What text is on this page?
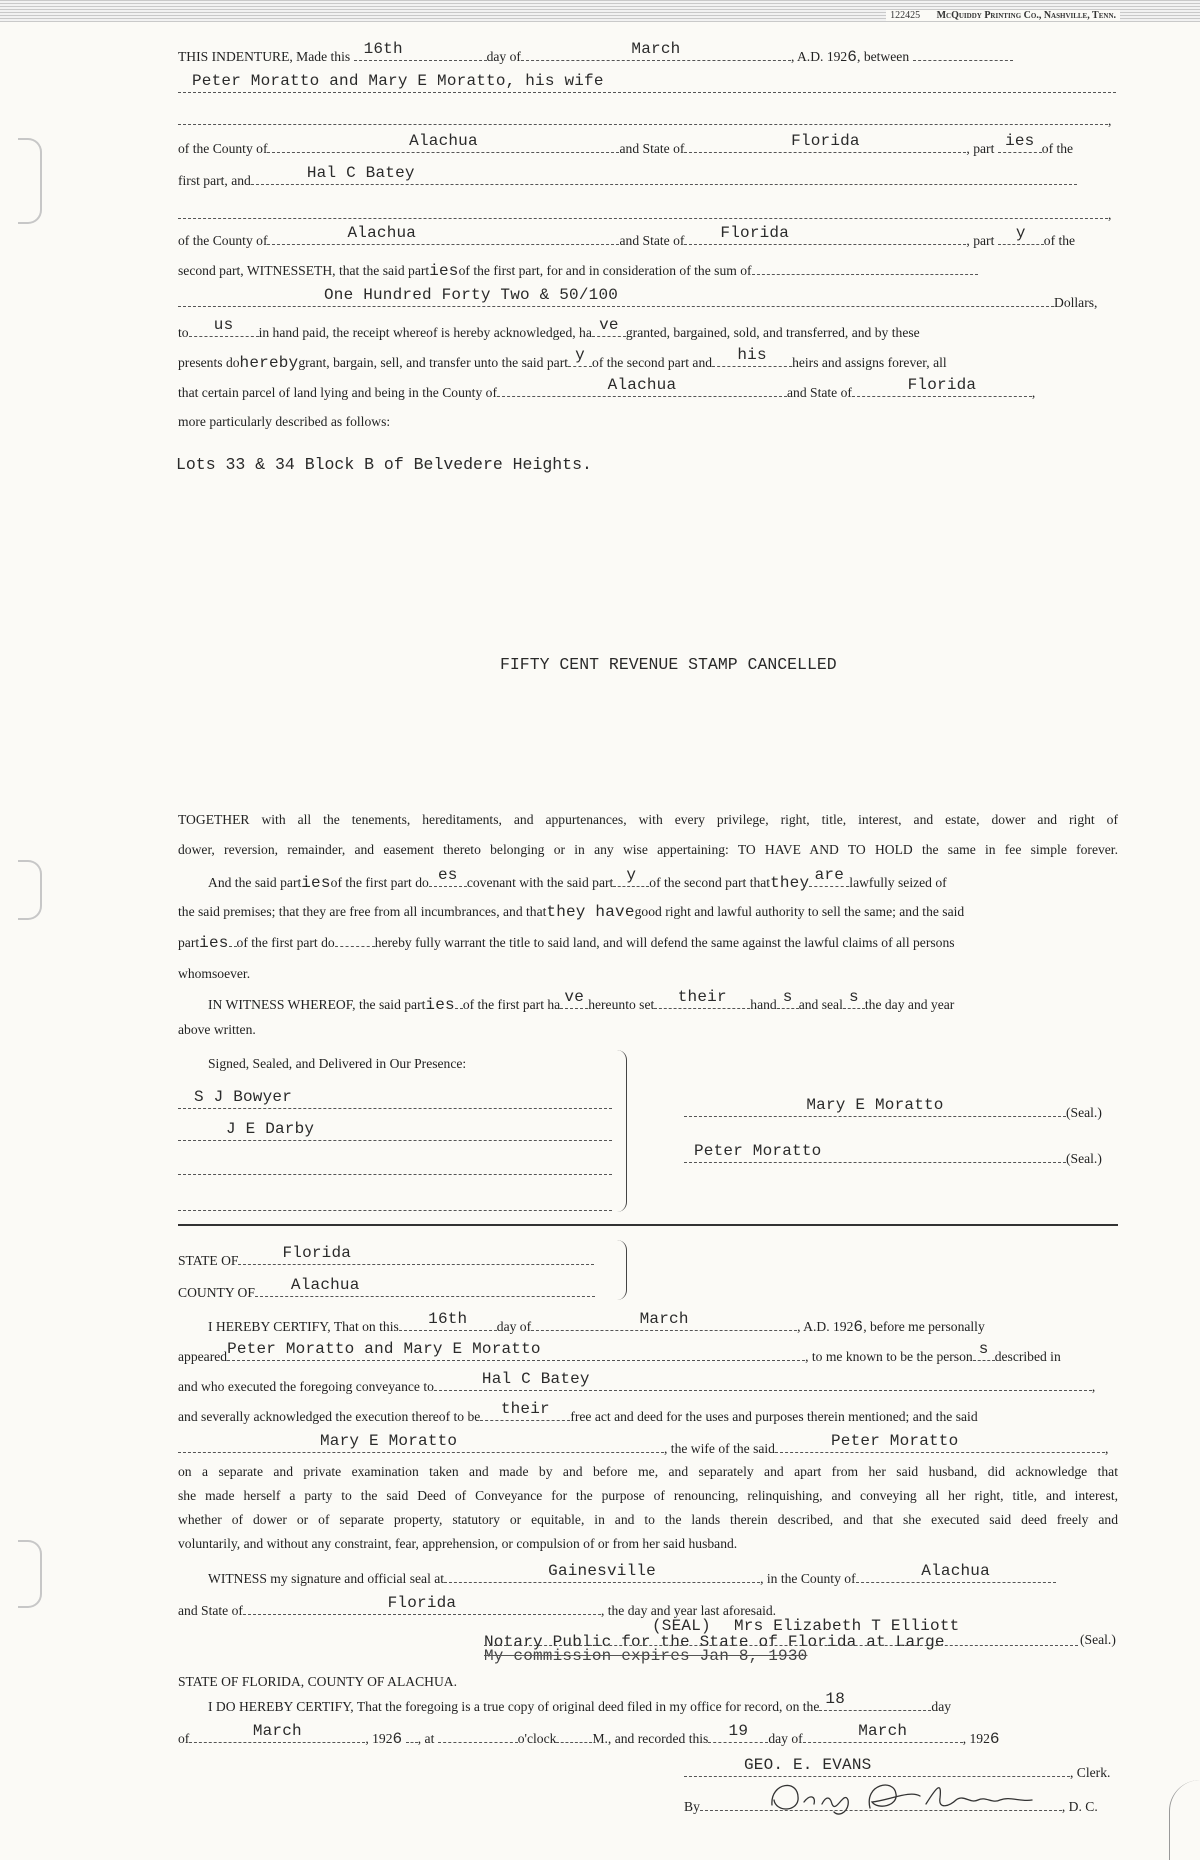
122425 McQuiddy Printing Co., Nashville, Tenn.
THIS INDENTURE, Made this 16th	day of	March	, A.D. 1926, between
Peter Moratto and Mary E Moratto, his wife
,
of the County of	Alachua	and State of	Florida	, part ies of the
first part, and	Hal C Batey
,
of the County of	Alachua	and State of	Florida	, part	y	of the
second part, WITNESSETH, that the said partiesof the first part, for and in consideration of the sum of
One Hundred Forty Two & 50/100	Dollars,
to	us	in hand paid, the receipt whereof is hereby acknowledged, ha ve granted, bargained, sold, and transferred, and by these
presents doherebygrant, bargain, sell, and transfer unto the said part y of the second part and	his	heirs and assigns forever, all
that certain parcel of land lying and being in the County of	Alachua	and State of	Florida	,
more particularly described as follows:
Lots 33 & 34 Block B of Belvedere Heights.
FIFTY CENT REVENUE STAMP CANCELLED
TOGETHER with all the tenements, hereditaments, and appurtenances, with every privilege, right, title, interest, and estate, dower and right of
dower, reversion, remainder, and easement thereto belonging or in any wise appertaining: TO HAVE AND TO HOLD the same in fee simple forever.
And the said partiesof the first part do es covenant with the said part y of the second part thatthey are lawfully seized of
the said premises; that they are free from all incumbrances, and thatthey havegood right and lawful authority to sell the same; and the said
parties of the first part do	hereby fully warrant the title to said land, and will defend the same against the lawful claims of all persons
whomsoever.
IN WITNESS WHEREOF, the said parties of the first part ha ve hereunto set	their	hand s and seal s the day and year
above written.
Signed, Sealed, and Delivered in Our Presence:
S J Bowyer
J E Darby
Mary E Moratto	(Seal.)
Peter Moratto	(Seal.)
STATE OF	Florida
COUNTY OF	Alachua
I HEREBY CERTIFY, That on this	16th	day of	March	, A.D. 1926, before me personally
appeared Peter Moratto and Mary E Moratto	, to me known to be the person s described in
and who executed the foregoing conveyance to	Hal C Batey	,
and severally acknowledged the execution thereof to be	their	free act and deed for the uses and purposes therein mentioned; and the said
Mary E Moratto	, the wife of the said	Peter Moratto	,
on a separate and private examination taken and made by and before me, and separately and apart from her said husband, did acknowledge that
she made herself a party to the said Deed of Conveyance for the purpose of renouncing, relinquishing, and conveying all her right, title, and interest,
whether of dower or of separate property, statutory or equitable, in and to the lands therein described, and that she executed said deed freely and
voluntarily, and without any constraint, fear, apprehension, or compulsion of or from her said husband.
WITNESS my signature and official seal at	Gainesville	, in the County of	Alachua
and State of	Florida	, the day and year last aforesaid.
(SEAL) Mrs Elizabeth T Elliott
Notary Public for the State of Florida at Large	(Seal.)
My commission expires Jan 8, 1930
STATE OF FLORIDA, COUNTY OF ALACHUA.
I DO HEREBY CERTIFY, That the foregoing is a true copy of original deed filed in my office for record, on the 18	day
of	March	, 1926 , at	o'clock	M., and recorded this	19	day of	March	, 1926
GEO. E. EVANS	, Clerk.
By	, D. C.
